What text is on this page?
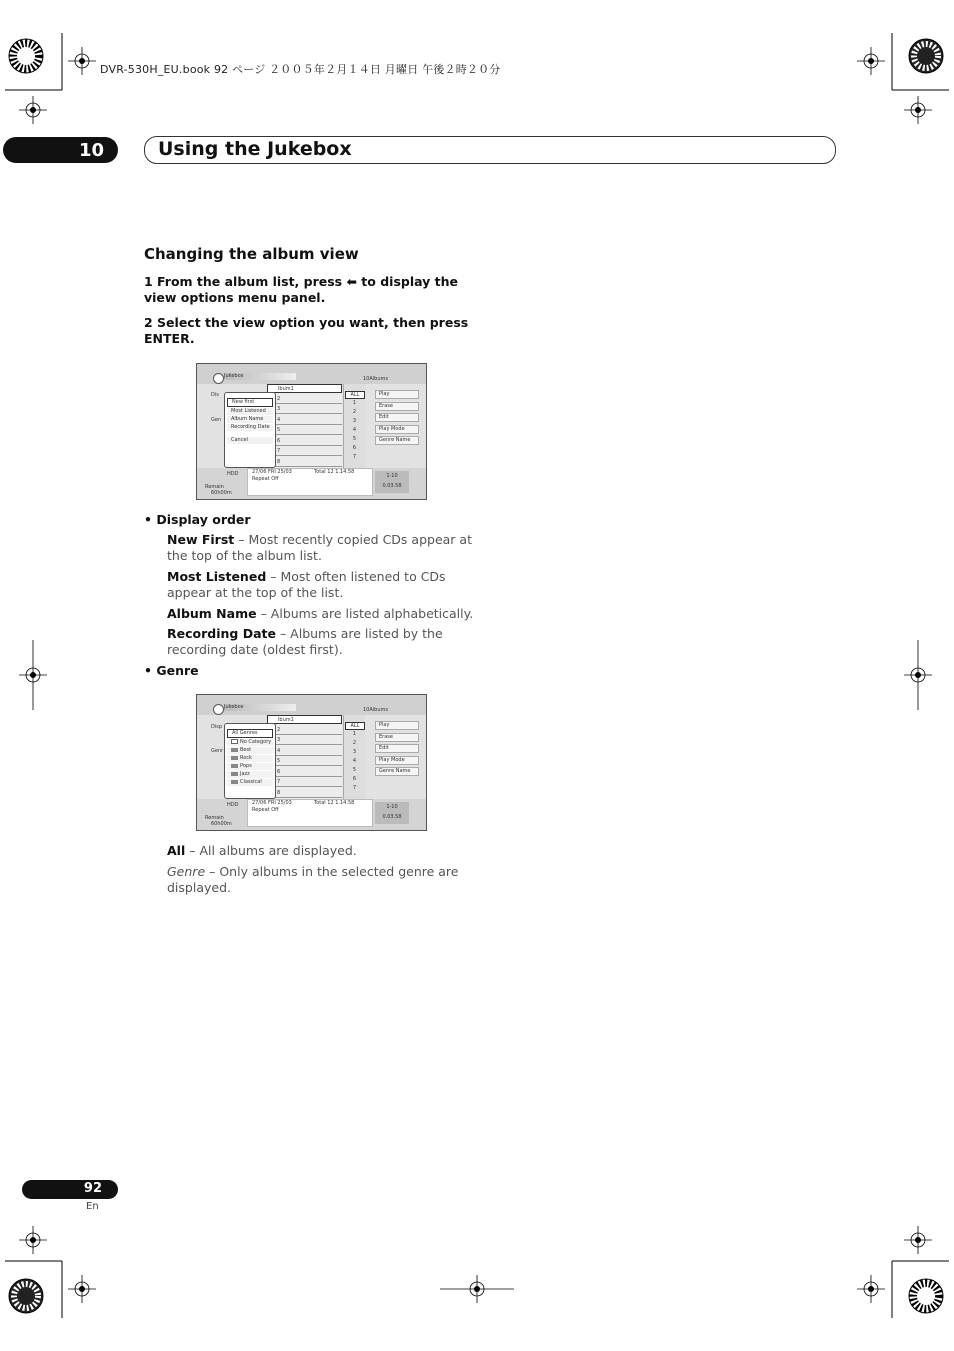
DVR-530H_EU.book 92 ページ ２００５年２月１４日 月曜日 午後２時２０分
10	Using the Jukebox
Changing the album view
1 From the album list, press ⬅ to display the view options menu panel.
2 Select the view option you want, then press ENTER.
Jukebox	10Albums
Dis
Gen
lbum1
2
3
4
5
6
7
8
ALL
1
2
3
4
5
6
7
Play
Erase
Edit
Play Mode
Genre Name
New first
Most Listened
Album Name
Recording Date
Cancel
HDD
Remain
60h00m
27/06 FRI 25/03	Total 12 1.14.58
Repeat Off	1-10
0.03.58
• Display order
New First – Most recently copied CDs appear at the top of the album list.
Most Listened – Most often listened to CDs appear at the top of the list.
Album Name – Albums are listed alphabetically.
Recording Date – Albums are listed by the recording date (oldest first).
• Genre
Jukebox	10Albums
Disp
Genr
lbum1
2
3
4
5
6
7
8
ALL
1
2
3
4
5
6
7
Play
Erase
Edit
Play Mode
Genre Name
All Genres
No Category
Best
Rock
Pops
Jazz
Classical
HDD
Remain
60h00m
27/06 FRI 25/03	Total 12 1.14.58
Repeat Off	1-10
0.03.58
All – All albums are displayed.
Genre – Only albums in the selected genre are displayed.
92
En
